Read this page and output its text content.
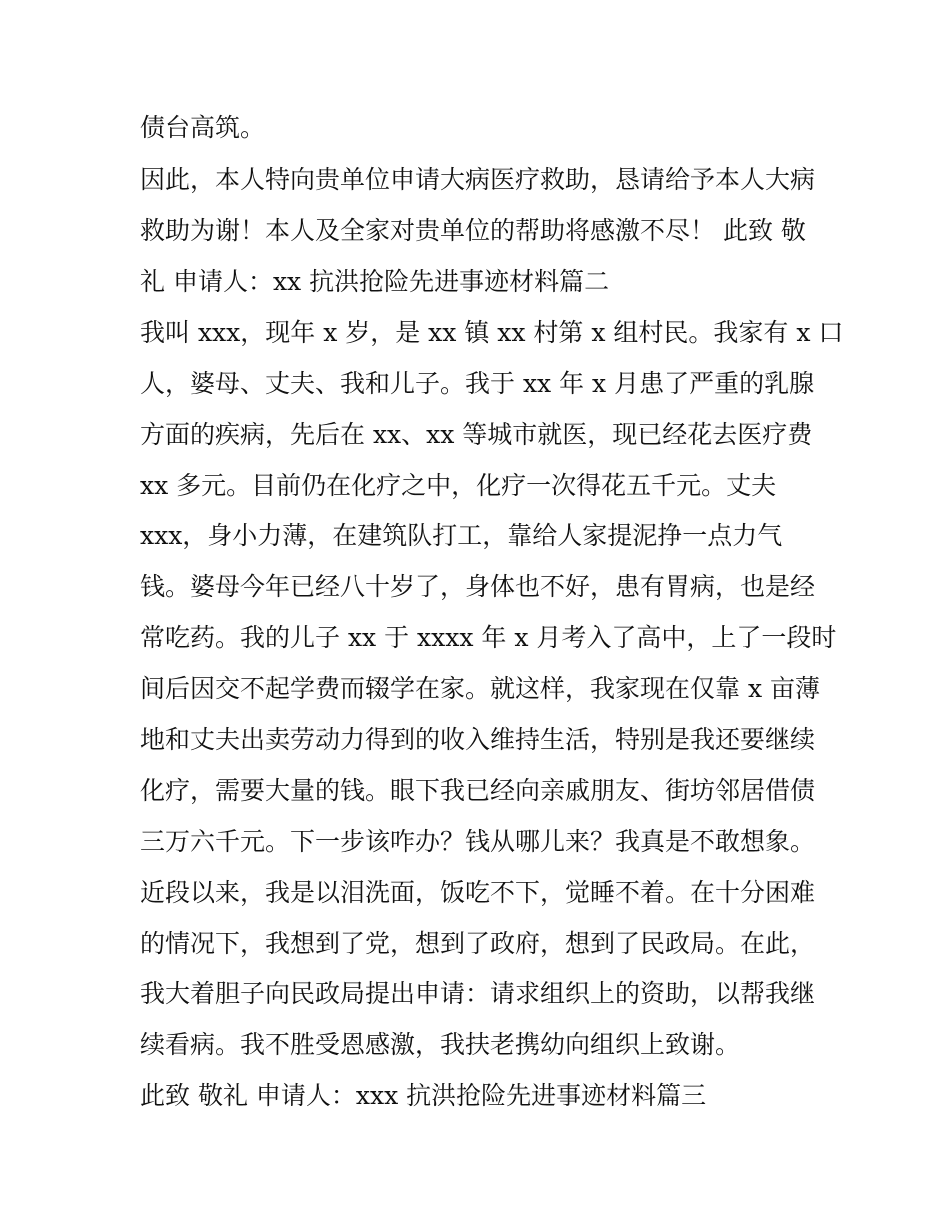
债台高筑。

因此，本人特向贵单位申请大病医疗救助，恳请给予本人大病

救助为谢！本人及全家对贵单位的帮助将感激不尽！ 此致 敬

礼 申请人：xx 抗洪抢险先进事迹材料篇二

我叫 xxx，现年 x 岁，是 xx 镇 xx 村第 x 组村民。我家有 x 口

人，婆母、丈夫、我和儿子。我于 xx 年 x 月患了严重的乳腺

方面的疾病，先后在 xx、xx 等城市就医，现已经花去医疗费

xx 多元。目前仍在化疗之中，化疗一次得花五千元。丈夫

xxx，身小力薄，在建筑队打工，靠给人家提泥挣一点力气

钱。婆母今年已经八十岁了，身体也不好，患有胃病，也是经

常吃药。我的儿子 xx 于 xxxx 年 x 月考入了高中，上了一段时

间后因交不起学费而辍学在家。就这样，我家现在仅靠 x 亩薄

地和丈夫出卖劳动力得到的收入维持生活，特别是我还要继续

化疗，需要大量的钱。眼下我已经向亲戚朋友、街坊邻居借债

三万六千元。下一步该咋办？钱从哪儿来？我真是不敢想象。

近段以来，我是以泪洗面，饭吃不下，觉睡不着。在十分困难

的情况下，我想到了党，想到了政府，想到了民政局。在此，

我大着胆子向民政局提出申请：请求组织上的资助，以帮我继

续看病。我不胜受恩感激，我扶老携幼向组织上致谢。

此致 敬礼 申请人：xxx 抗洪抢险先进事迹材料篇三
